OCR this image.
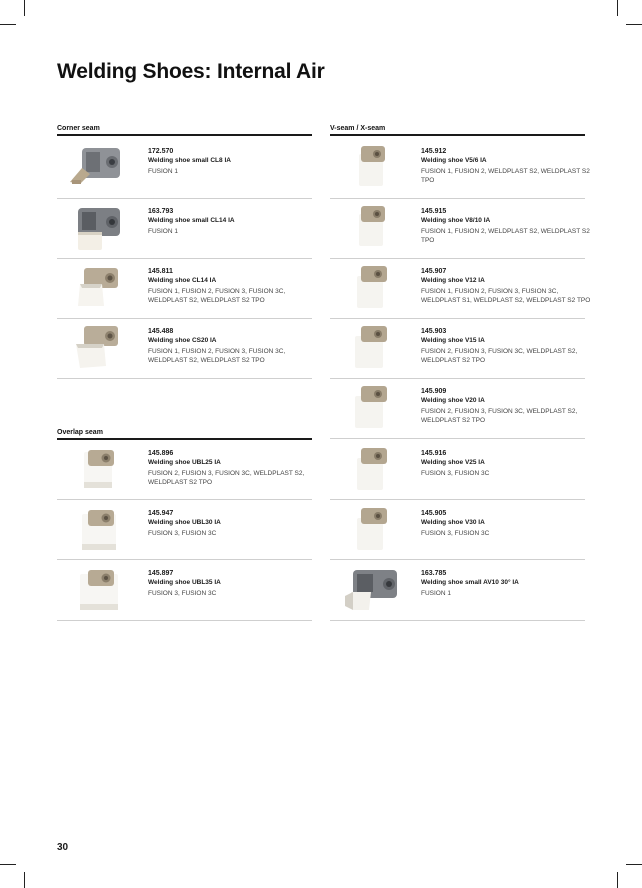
Welding Shoes: Internal Air
Corner seam
172.570
Welding shoe small CL8 IA
FUSION 1
163.793
Welding shoe small CL14 IA
FUSION 1
145.811
Welding shoe CL14 IA
FUSION 1, FUSION 2, FUSION 3, FUSION 3C, WELDPLAST S2, WELDPLAST S2 TPO
145.488
Welding shoe CS20 IA
FUSION 1, FUSION 2, FUSION 3, FUSION 3C, WELDPLAST S2, WELDPLAST S2 TPO
Overlap seam
145.896
Welding shoe UBL25 IA
FUSION 2, FUSION 3, FUSION 3C, WELDPLAST S2, WELDPLAST S2 TPO
145.947
Welding shoe UBL30 IA
FUSION 3, FUSION 3C
145.897
Welding shoe UBL35 IA
FUSION 3, FUSION 3C
V-seam / X-seam
145.912
Welding shoe V5/6 IA
FUSION 1, FUSION 2, WELDPLAST S2, WELDPLAST S2 TPO
145.915
Welding shoe V8/10 IA
FUSION 1, FUSION 2, WELDPLAST S2, WELDPLAST S2 TPO
145.907
Welding shoe V12 IA
FUSION 1, FUSION 2, FUSION 3, FUSION 3C, WELDPLAST S1, WELDPLAST S2, WELDPLAST S2 TPO
145.903
Welding shoe V15 IA
FUSION 2, FUSION 3, FUSION 3C, WELDPLAST S2, WELDPLAST S2 TPO
145.909
Welding shoe V20 IA
FUSION 2, FUSION 3, FUSION 3C, WELDPLAST S2, WELDPLAST S2 TPO
145.916
Welding shoe V25 IA
FUSION 3, FUSION 3C
145.905
Welding shoe V30 IA
FUSION 3, FUSION 3C
163.785
Welding shoe small AV10 30° IA
FUSION 1
30
